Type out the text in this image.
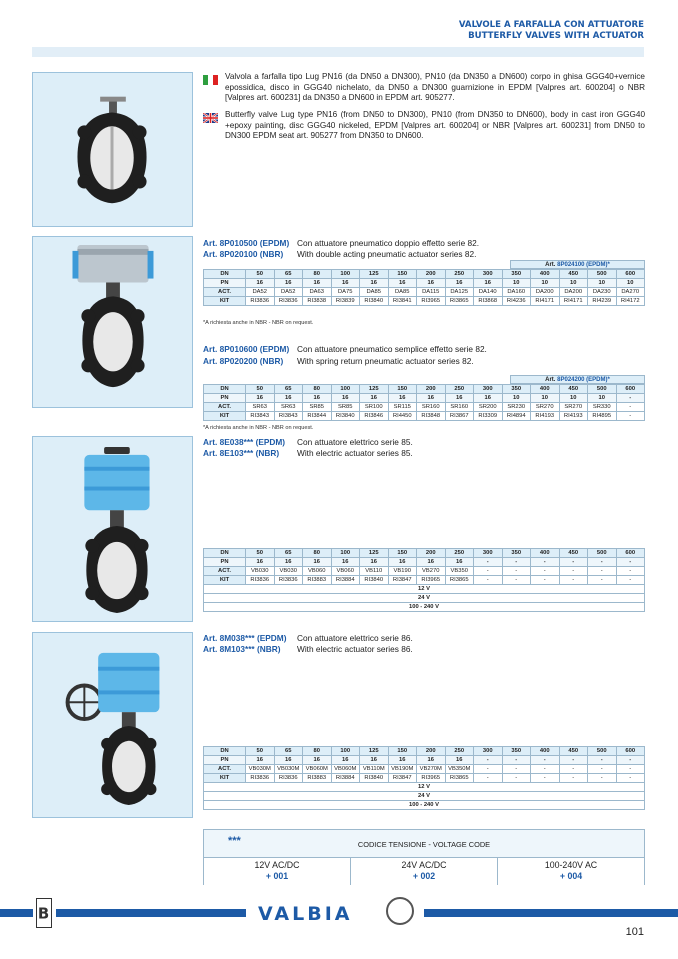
VALVOLE A FARFALLA CON ATTUATORE
BUTTERFLY VALVES WITH ACTUATOR
Valvola a farfalla tipo Lug PN16 (da DN50 a DN300), PN10 (da DN350 a DN600) corpo in ghisa GGG40+vernice epossidica, disco in GGG40 nichelato, da DN50 a DN300 guarnizione in EPDM [Valpres art. 600204] o NBR [Valpres art. 600231] da DN350 a DN600 in EPDM art. 905277.
Butterfly valve Lug type PN16 (from DN50 to DN300), PN10 (from DN350 to DN600), body in cast iron GGG40 +epoxy painting, disc GGG40 nickeled, EPDM [Valpres art. 600204] or NBR [Valpres art. 600231] from DN50 to DN300 EPDM seat art. 905277 from DN350 to DN600.
Art. 8P010500 (EPDM) Con attuatore pneumatico doppio effetto serie 82.
Art. 8P020100 (NBR) With double acting pneumatic actuator series 82.
Art. 8P024100 (EPDM)*
DN	50	65	80	100	125	150	200	250	300	350	400	450	500	600
PN	16	16	16	16	16	16	16	16	16	10	10	10	10	10
ACT.	DA52	DA52	DA63	DA75	DA85	DA85	DA115	DA125	DA140	DA160	DA200	DA200	DA230	DA270
KIT	RI3836	RI3836	RI3838	RI3839	RI3840	RI3841	RI3965	RI3865	RI3868	RI4236	RI4171	RI4171	RI4239	RI4172
*A richiesta anche in NBR - NBR on request.
Art. 8P010600 (EPDM) Con attuatore pneumatico semplice effetto serie 82.
Art. 8P020200 (NBR) With spring return pneumatic actuator series 82.
Art. 8P024200 (EPDM)*
DN	50	65	80	100	125	150	200	250	300	350	400	450	500	600
PN	16	16	16	16	16	16	16	16	16	10	10	10	10	-
ACT.	SR63	SR63	SR85	SR85	SR100	SR115	SR160	SR160	SR200	SR230	SR270	SR270	SR330	-
KIT	RI3843	RI3843	RI3844	RI3840	RI3846	RI4450	RI3848	RI3867	RI3309	RI4894	RI4193	RI4193	RI4895	-
*A richiesta anche in NBR - NBR on request.
Art. 8E038*** (EPDM) Con attuatore elettrico serie 85.
Art. 8E103*** (NBR) With electric actuator series 85.
DN	50	65	80	100	125	150	200	250	300	350	400	450	500	600
PN	16	16	16	16	16	16	16	16	-	-	-	-	-	-
ACT.	VB030	VB030	VB060	VB060	VB110	VB190	VB270	VB350	-	-	-	-	-	-
KIT	RI3836	RI3836	RI3883	RI3884	RI3840	RI3847	RI3965	RI3865	-	-	-	-	-	-
12 V														
24 V														
100 - 240 V														
Art. 8M038*** (EPDM) Con attuatore elettrico serie 86.
Art. 8M103*** (NBR) With electric actuator series 86.
DN	50	65	80	100	125	150	200	250	300	350	400	450	500	600
PN	16	16	16	16	16	16	16	16	-	-	-	-	-	-
ACT.	VB030M	VB030M	VB060M	VB060M	VB110M	VB190M	VB270M	VB350M	-	-	-	-	-	-
KIT	RI3836	RI3836	RI3883	RI3884	RI3840	RI3847	RI3965	RI3865	-	-	-	-	-	-
12 V														
24 V														
100 - 240 V														
***	CODICE TENSIONE - VOLTAGE CODE
12V AC/DC
+ 001
24V AC/DC
+ 002
100-240V AC
+ 004
B	VALBIA
101
